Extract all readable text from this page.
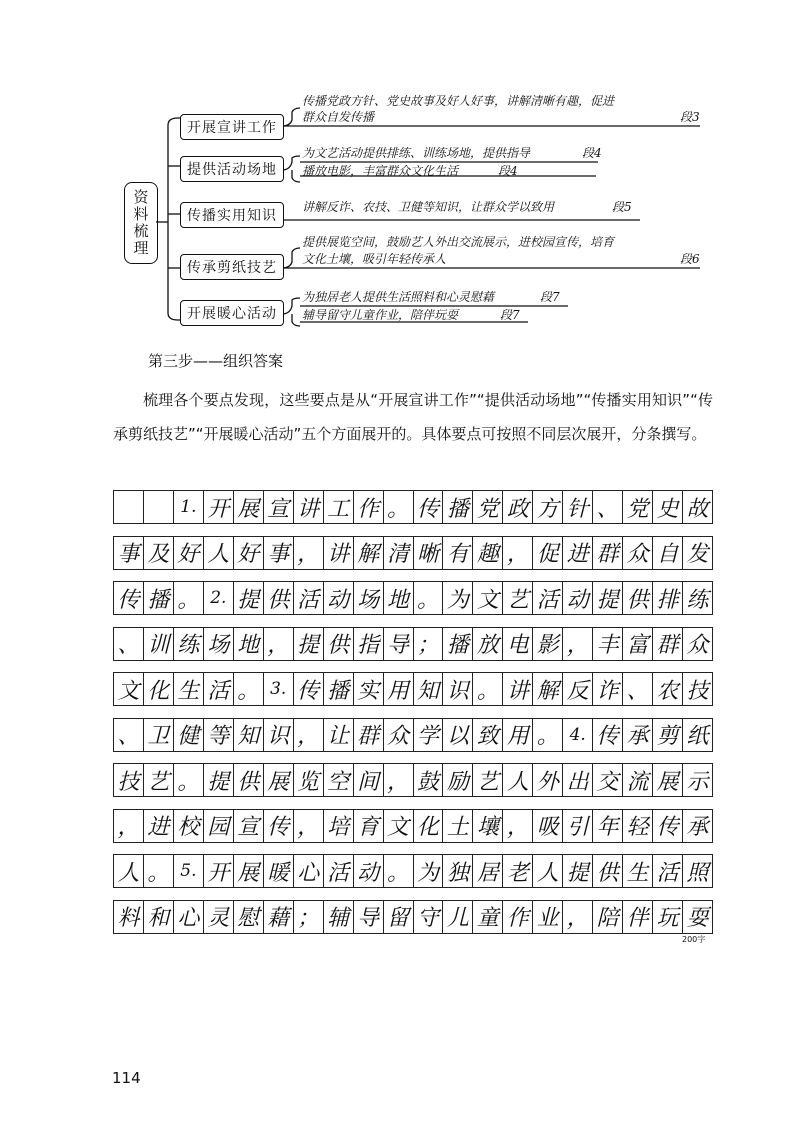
资料梳理
开展宣讲工作
提供活动场地
传播实用知识
传承剪纸技艺
开展暖心活动
传播党政方针、党史故事及好人好事，讲解清晰有趣，促进
群众自发传播	段3
为文艺活动提供排练、训练场地，提供指导	段4
播放电影，丰富群众文化生活	段4
讲解反诈、农技、卫健等知识，让群众学以致用	段5
提供展览空间，鼓励艺人外出交流展示，进校园宣传，培育
文化土壤，吸引年轻传承人	段6
为独居老人提供生活照料和心灵慰藉	段7
辅导留守儿童作业，陪伴玩耍	段7
第三步——组织答案
梳理各个要点发现，这些要点是从“开展宣讲工作”“提供活动场地”“传播实用知识”“传承剪纸技艺”“开展暖心活动”五个方面展开的。具体要点可按照不同层次展开，分条撰写。
1. 开 展 宣 讲 工 作 。 传 播 党 政 方 针 、 党 史 故
事 及 好 人 好 事 ， 讲 解 清 晰 有 趣 ， 促 进 群 众 自 发
传 播 。 2. 提 供 活 动 场 地 。 为 文 艺 活 动 提 供 排 练
、 训 练 场 地 ， 提 供 指 导 ； 播 放 电 影 ， 丰 富 群 众
文 化 生 活 。 3. 传 播 实 用 知 识 。 讲 解 反 诈 、 农 技
、 卫 健 等 知 识 ， 让 群 众 学 以 致 用 。 4. 传 承 剪 纸
技 艺 。 提 供 展 览 空 间 ， 鼓 励 艺 人 外 出 交 流 展 示
， 进 校 园 宣 传 ， 培 育 文 化 土 壤 ， 吸 引 年 轻 传 承
人 。 5. 开 展 暖 心 活 动 。 为 独 居 老 人 提 供 生 活 照
料 和 心 灵 慰 藉 ； 辅 导 留 守 儿 童 作 业 ， 陪 伴 玩 耍
200字
114
